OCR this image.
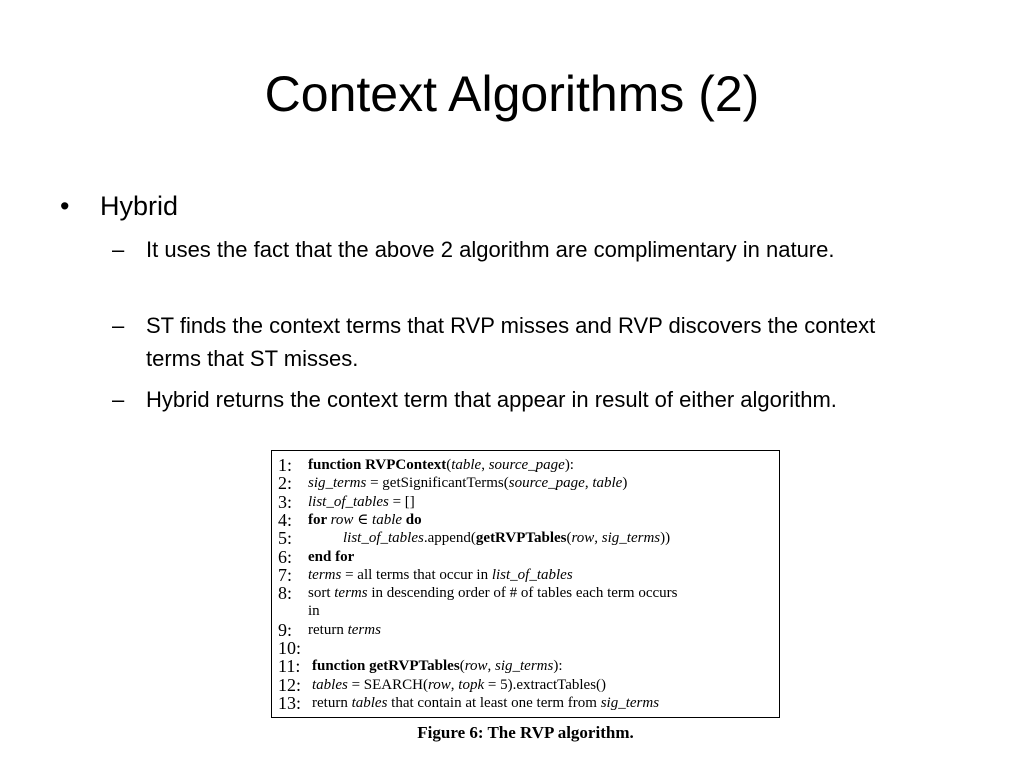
Context Algorithms (2)
• Hybrid
– It uses the fact that the above 2 algorithm are complimentary in nature.
– ST finds the context terms that RVP misses and RVP discovers the context terms that ST misses.
– Hybrid returns the context term that appear in result of either algorithm.
1:	function RVPContext(table, source_page):
2:	sig_terms = getSignificantTerms(source_page, table)
3:	list_of_tables = []
4:	for row ∈ table do
5:	list_of_tables.append(getRVPTables(row, sig_terms))
6:	end for
7:	terms = all terms that occur in list_of_tables
8:	sort terms in descending order of # of tables each term occurs
in
9:	return terms
10:
11: function getRVPTables(row, sig_terms):
12: tables = SEARCH(row, topk = 5).extractTables()
13: return tables that contain at least one term from sig_terms
Figure 6: The RVP algorithm.
